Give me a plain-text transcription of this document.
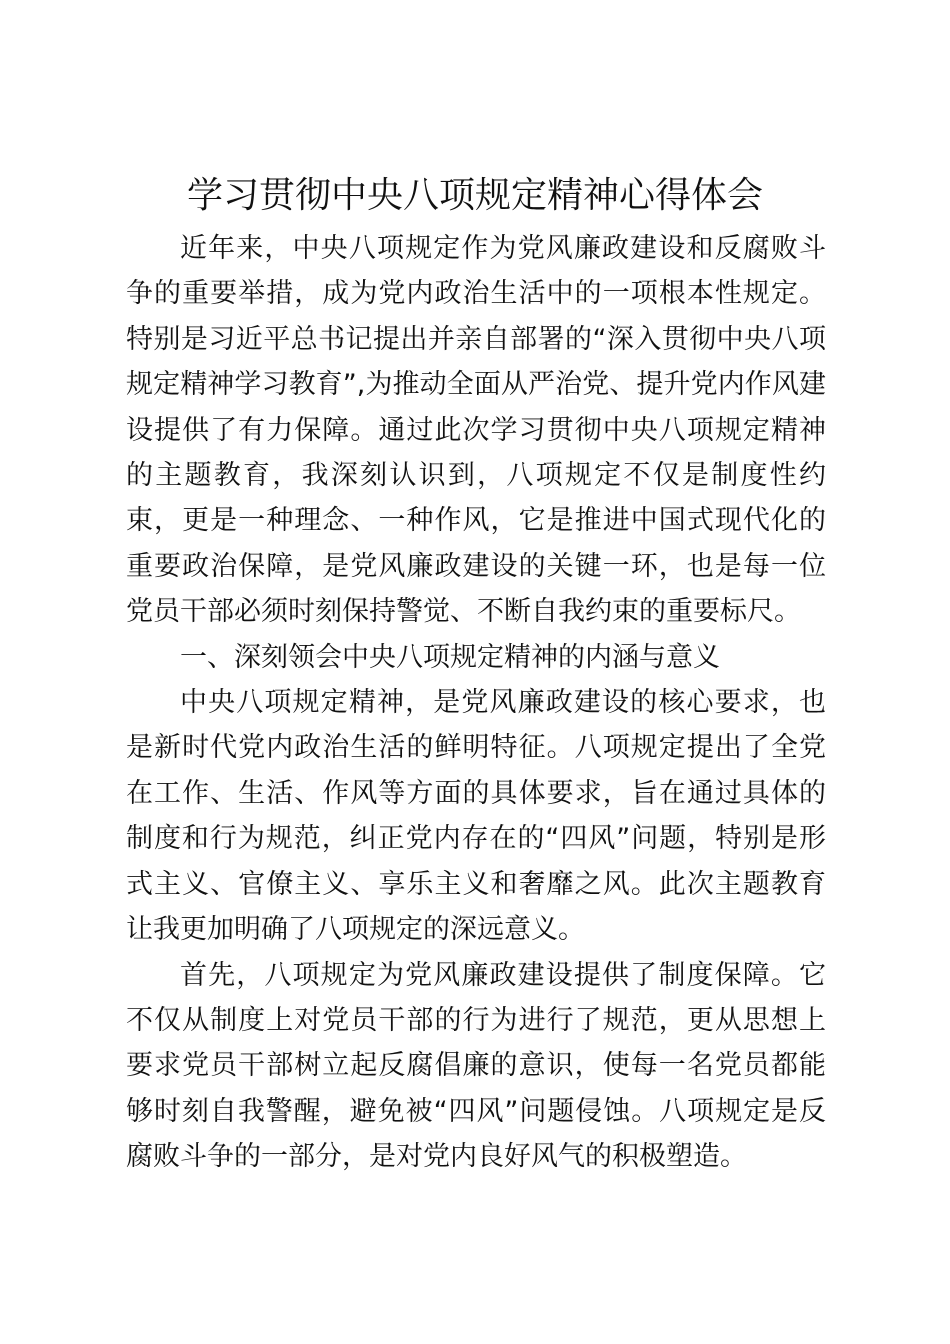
学习贯彻中央八项规定精神心得体会

近年来，中央八项规定作为党风廉政建设和反腐败斗争的重要举措，成为党内政治生活中的一项根本性规定。特别是习近平总书记提出并亲自部署的“深入贯彻中央八项规定精神学习教育”,为推动全面从严治党、提升党内作风建设提供了有力保障。通过此次学习贯彻中央八项规定精神的主题教育，我深刻认识到，八项规定不仅是制度性约束，更是一种理念、一种作风，它是推进中国式现代化的重要政治保障，是党风廉政建设的关键一环，也是每一位党员干部必须时刻保持警觉、不断自我约束的重要标尺。

一、深刻领会中央八项规定精神的内涵与意义

中央八项规定精神，是党风廉政建设的核心要求，也是新时代党内政治生活的鲜明特征。八项规定提出了全党在工作、生活、作风等方面的具体要求，旨在通过具体的制度和行为规范，纠正党内存在的“四风”问题，特别是形式主义、官僚主义、享乐主义和奢靡之风。此次主题教育让我更加明确了八项规定的深远意义。

首先，八项规定为党风廉政建设提供了制度保障。它不仅从制度上对党员干部的行为进行了规范，更从思想上要求党员干部树立起反腐倡廉的意识，使每一名党员都能够时刻自我警醒，避免被“四风”问题侵蚀。八项规定是反腐败斗争的一部分，是对党内良好风气的积极塑造。
